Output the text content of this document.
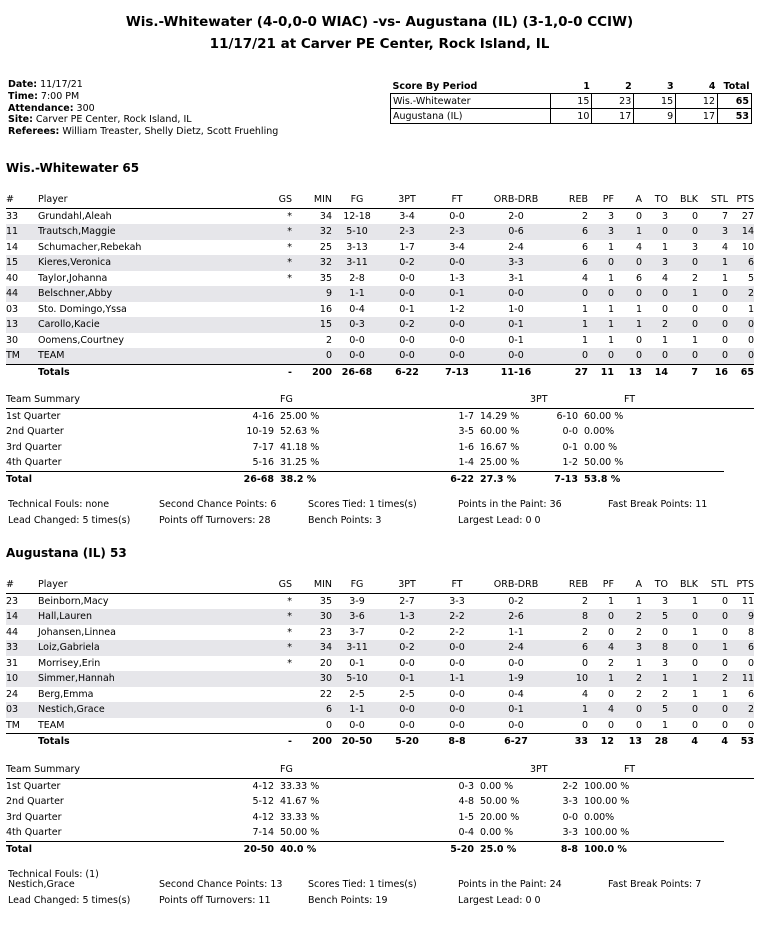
Wis.-Whitewater (4-0,0-0 WIAC) -vs- Augustana (IL) (3-1,0-0 CCIW)
11/17/21 at Carver PE Center, Rock Island, IL
Date: 11/17/21
Time: 7:00 PM
Attendance: 300
Site: Carver PE Center, Rock Island, IL
Referees: William Treaster, Shelly Dietz, Scott Fruehling
Score By Period	1	2	3	4	Total
Wis.-Whitewater	15	23	15	12	65
Augustana (IL)	10	17	9	17	53
Wis.-Whitewater 65
#	Player	GS	MIN	FG	3PT	FT	ORB-DRB	REB	PF	A	TO	BLK	STL	PTS
33	Grundahl,Aleah	*	34	12-18	3-4	0-0	2-0	2	3	0	3	0	7	27
11	Trautsch,Maggie	*	32	5-10	2-3	2-3	0-6	6	3	1	0	0	3	14
14	Schumacher,Rebekah	*	25	3-13	1-7	3-4	2-4	6	1	4	1	3	4	10
15	Kieres,Veronica	*	32	3-11	0-2	0-0	3-3	6	0	0	3	0	1	6
40	Taylor,Johanna	*	35	2-8	0-0	1-3	3-1	4	1	6	4	2	1	5
44	Belschner,Abby		9	1-1	0-0	0-1	0-0	0	0	0	0	1	0	2
03	Sto. Domingo,Yssa		16	0-4	0-1	1-2	1-0	1	1	1	0	0	0	1
13	Carollo,Kacie		15	0-3	0-2	0-0	0-1	1	1	1	2	0	0	0
30	Oomens,Courtney		2	0-0	0-0	0-0	0-1	1	1	0	1	1	0	0
TM	TEAM		0	0-0	0-0	0-0	0-0	0	0	0	0	0	0	0
	Totals	-	200	26-68	6-22	7-13	11-16	27	11	13	14	7	16	65
Team Summary		FG			3PT	FT	
1st Quarter	4-16	25.00 %	1-7	14.29 %	6-10	60.00 %	
2nd Quarter	10-19	52.63 %	3-5	60.00 %	0-0	0.00%	
3rd Quarter	7-17	41.18 %	1-6	16.67 %	0-1	0.00 %	
4th Quarter	5-16	31.25 %	1-4	25.00 %	1-2	50.00 %	
Total	26-68	38.2 %	6-22	27.3 %	7-13	53.8 %	
Technical Fouls: none	Second Chance Points: 6	Scores Tied: 1 times(s)	Points in the Paint: 36	Fast Break Points: 11
Lead Changed: 5 times(s)	Points off Turnovers: 28	Bench Points: 3	Largest Lead: 0 0
Augustana (IL) 53
#	Player	GS	MIN	FG	3PT	FT	ORB-DRB	REB	PF	A	TO	BLK	STL	PTS
23	Beinborn,Macy	*	35	3-9	2-7	3-3	0-2	2	1	1	3	1	0	11
14	Hall,Lauren	*	30	3-6	1-3	2-2	2-6	8	0	2	5	0	0	9
44	Johansen,Linnea	*	23	3-7	0-2	2-2	1-1	2	0	2	0	1	0	8
33	Loiz,Gabriela	*	34	3-11	0-2	0-0	2-4	6	4	3	8	0	1	6
31	Morrisey,Erin	*	20	0-1	0-0	0-0	0-0	0	2	1	3	0	0	0
10	Simmer,Hannah		30	5-10	0-1	1-1	1-9	10	1	2	1	1	2	11
24	Berg,Emma		22	2-5	2-5	0-0	0-4	4	0	2	2	1	1	6
03	Nestich,Grace		6	1-1	0-0	0-0	0-1	1	4	0	5	0	0	2
TM	TEAM		0	0-0	0-0	0-0	0-0	0	0	0	1	0	0	0
	Totals	-	200	20-50	5-20	8-8	6-27	33	12	13	28	4	4	53
Team Summary		FG			3PT	FT	
1st Quarter	4-12	33.33 %	0-3	0.00 %	2-2	100.00 %	
2nd Quarter	5-12	41.67 %	4-8	50.00 %	3-3	100.00 %	
3rd Quarter	4-12	33.33 %	1-5	20.00 %	0-0	0.00%	
4th Quarter	7-14	50.00 %	0-4	0.00 %	3-3	100.00 %	
Total	20-50	40.0 %	5-20	25.0 %	8-8	100.0 %	
Technical Fouls: (1)
Nestich,Grace	Second Chance Points: 13	Scores Tied: 1 times(s)	Points in the Paint: 24	Fast Break Points: 7
Lead Changed: 5 times(s)	Points off Turnovers: 11	Bench Points: 19	Largest Lead: 0 0
